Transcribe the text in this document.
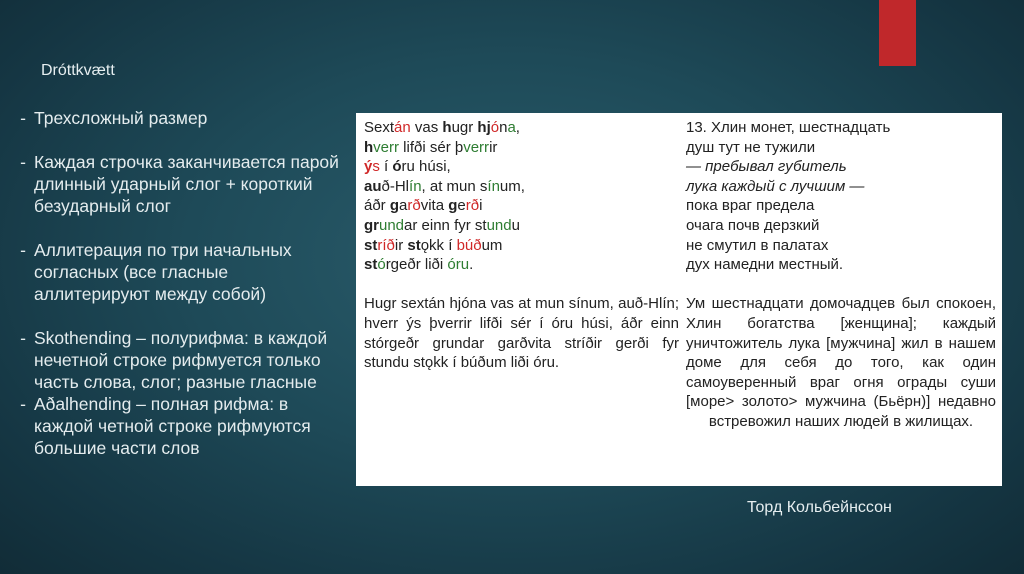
Dróttkvætt
- Трехсложный размер
- Каждая строчка заканчивается парой длинный ударный слог + короткий безударный слог
- Аллитерация по три начальных согласных (все гласные аллитерируют между собой)
- Skothending – полурифма: в каждой нечетной строке рифмуется только часть слова, слог; разные гласные
- Aðalhending – полная рифма: в каждой четной строке рифмуются большие части слов
Sextán vas hugr hjóna,
hverr lifði sér þverrir
ýs í óru húsi,
auð-Hlín, at mun sínum,
áðr garðvita gerði
grundar einn fyr stundu
stríðir stǫkk í búðum
stórgeðr liði óru.
Hugr sextán hjóna vas at mun sínum, auð-Hlín; hverr ýs þverrir lifði sér í óru húsi, áðr einn stórgeðr grundar garðvita stríðir gerði fyr stundu stǫkk í búðum liði óru.
13. Хлин монет, шестнадцать
душ тут не тужили
— пребывал губитель
лука каждый с лучшим —
пока враг предела
очага почв дерзкий
не смутил в палатах
дух намедни местный.
Ум шестнадцати домочадцев был спокоен, Хлин богатства [женщина]; каждый уничтожитель лука [мужчина] жил в нашем доме для себя до того, как один самоуверенный враг огня ограды суши [море> золото> мужчина (Бьёрн)] недавно встревожил наших людей в жилищах.
Торд Кольбейнссон
